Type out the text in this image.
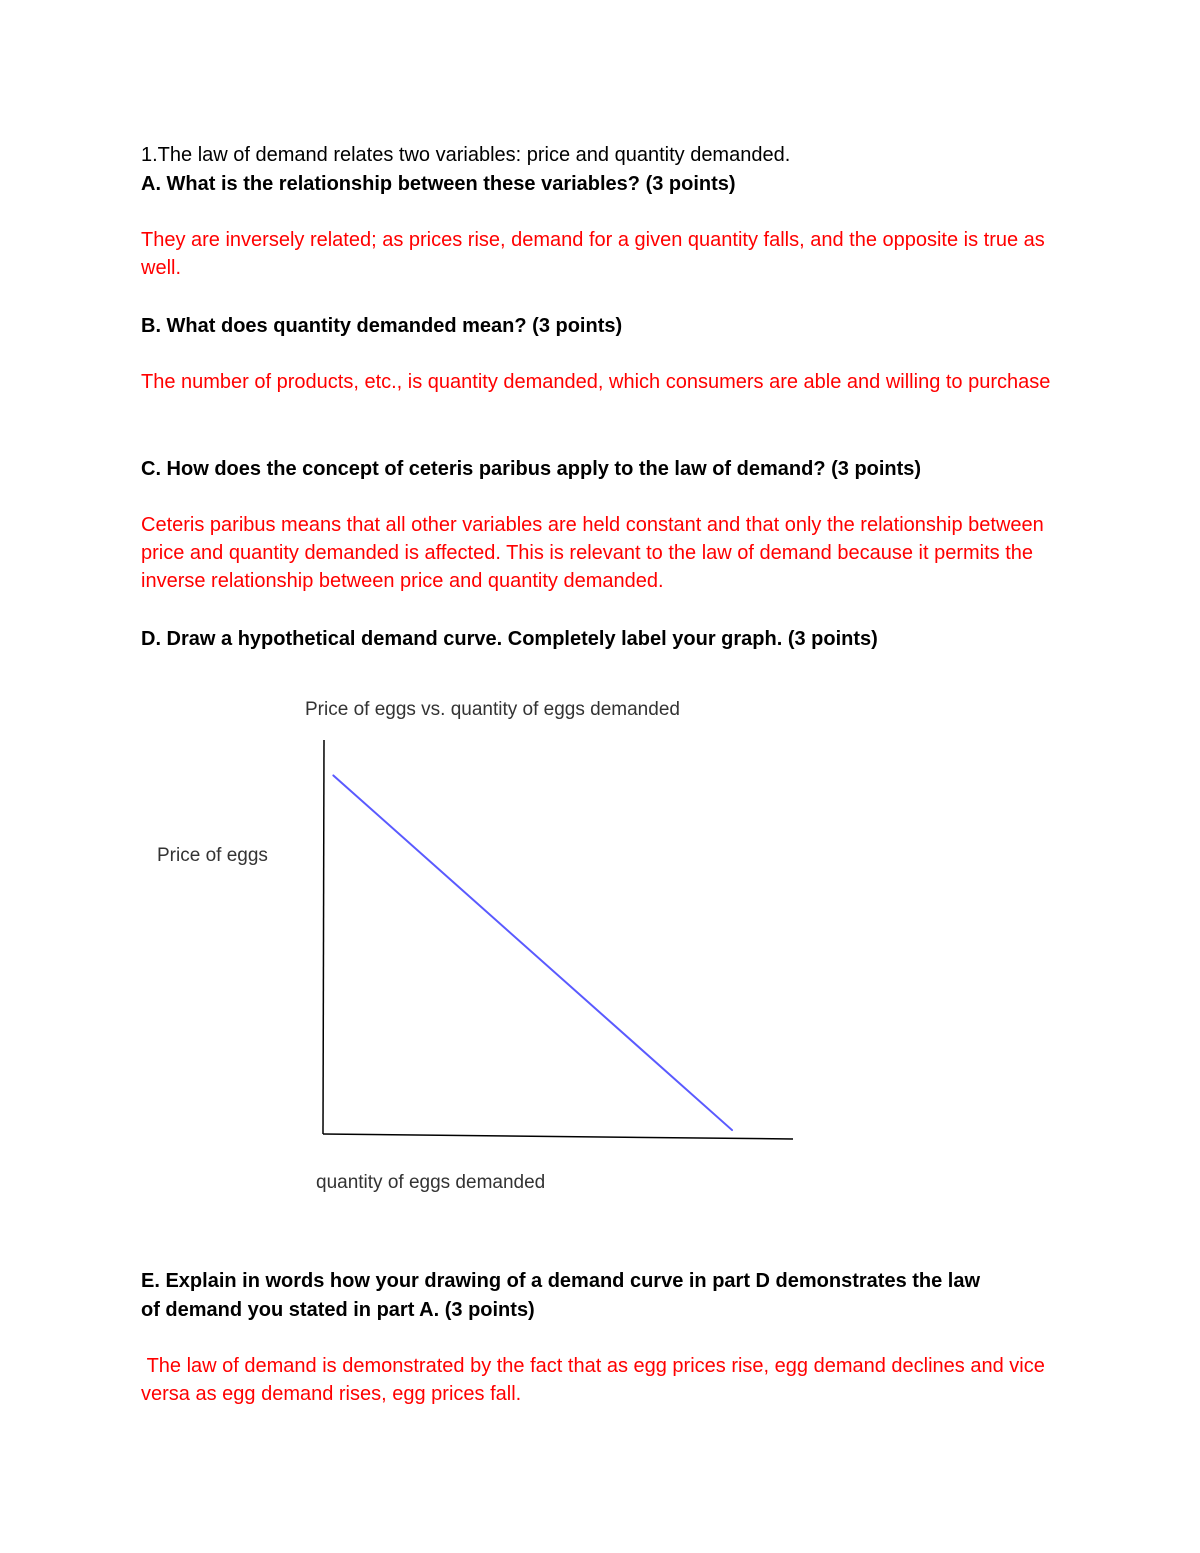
1.The law of demand relates two variables: price and quantity demanded.
A. What is the relationship between these variables? (3 points)
They are inversely related; as prices rise, demand for a given quantity falls, and the opposite is true as well.
B. What does quantity demanded mean? (3 points)
The number of products, etc., is quantity demanded, which consumers are able and willing to purchase
C. How does the concept of ceteris paribus apply to the law of demand? (3 points)
Ceteris paribus means that all other variables are held constant and that only the relationship between price and quantity demanded is affected. This is relevant to the law of demand because it permits the inverse relationship between price and quantity demanded.
D. Draw a hypothetical demand curve. Completely label your graph. (3 points)
Price of eggs vs. quantity of eggs demanded
Price of eggs
quantity of eggs demanded
E. Explain in words how your drawing of a demand curve in part D demonstrates the law
of demand you stated in part A. (3 points)
The law of demand is demonstrated by the fact that as egg prices rise, egg demand declines and vice versa as egg demand rises, egg prices fall.
